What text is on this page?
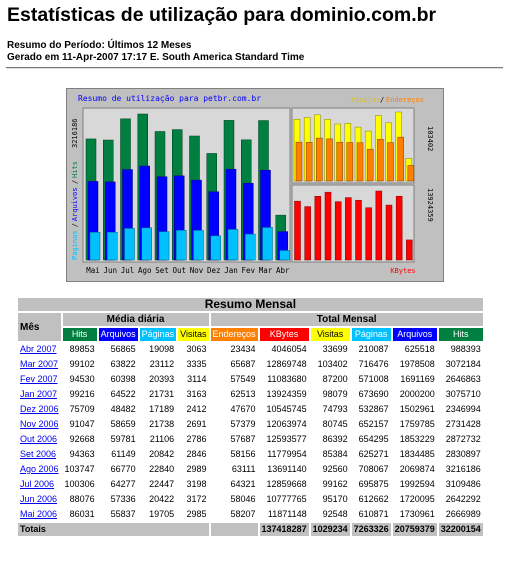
Estatísticas de utilização para dominio.com.br
Resumo do Período: Últimos 12 Meses
Gerado em 11-Apr-2007 17:17 E. South America Standard Time
Resumo de utilização para petbr.com.br	Visitas / Endereços
Páginas
/
Arquivos
/
Hits
3216186
Mai Jun Jul Ago Set Out Nov Dez Jan Fev Mar Abr
103402
13924359
KBytes
Resumo Mensal										
Mês	Média diária				Total Mensal					
	Hits	Arquivos	Páginas	Visitas	Endereços	KBytes	Visitas	Páginas	Arquivos	Hits
Abr 2007	89853	56865	19098	3063	23434	4046054	33699	210087	625518	988393
Mar 2007	99102	63822	23112	3335	65687	12869748	103402	716476	1978508	3072184
Fev 2007	94530	60398	20393	3114	57549	11083680	87200	571008	1691169	2646863
Jan 2007	99216	64522	21731	3163	62513	13924359	98079	673690	2000200	3075710
Dez 2006	75709	48482	17189	2412	47670	10545745	74793	532867	1502961	2346994
Nov 2006	91047	58659	21738	2691	57379	12063974	80745	652157	1759785	2731428
Out 2006	92668	59781	21106	2786	57687	12593577	86392	654295	1853229	2872732
Set 2006	94363	61149	20842	2846	58156	11779954	85384	625271	1834485	2830897
Ago 2006	103747	66770	22840	2989	63111	13691140	92560	708067	2069874	3216186
Jul 2006	100306	64277	22447	3198	64321	12859668	99162	695875	1992594	3109486
Jun 2006	88076	57336	20422	3172	58046	10777765	95170	612662	1720095	2642292
Mai 2006	86031	55837	19705	2985	58207	11871148	92548	610871	1730961	2666989
Totais						137418287	1029234	7263326	20759379	32200154
